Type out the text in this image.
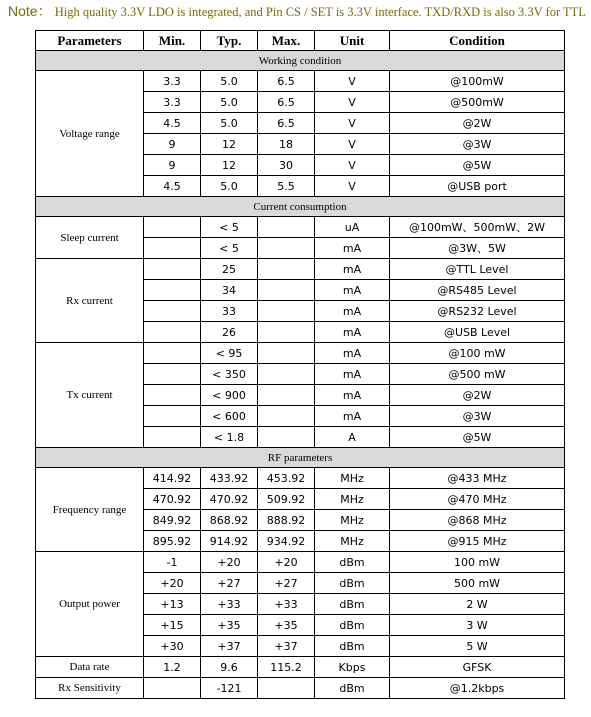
Note： High quality 3.3V LDO is integrated, and Pin CS / SET is 3.3V interface. TXD/RXD is also 3.3V for TTL
Parameters	Min.	Typ.	Max.	Unit	Condition
Working condition					
Voltage range	3.3	5.0	6.5	V	@100mW
	3.3	5.0	6.5	V	@500mW
	4.5	5.0	6.5	V	@2W
	9	12	18	V	@3W
	9	12	30	V	@5W
	4.5	5.0	5.5	V	@USB port
Current consumption					
Sleep current		< 5		uA	@100mW、500mW、2W
		< 5		mA	@3W、5W
Rx current		25		mA	@TTL Level
		34		mA	@RS485 Level
		33		mA	@RS232 Level
		26		mA	@USB Level
Tx current		< 95		mA	@100 mW
		< 350		mA	@500 mW
		< 900		mA	@2W
		< 600		mA	@3W
		< 1.8		A	@5W
RF parameters					
Frequency range	414.92	433.92	453.92	MHz	@433 MHz
	470.92	470.92	509.92	MHz	@470 MHz
	849.92	868.92	888.92	MHz	@868 MHz
	895.92	914.92	934.92	MHz	@915 MHz
Output power	-1	+20	+20	dBm	100 mW
	+20	+27	+27	dBm	500 mW
	+13	+33	+33	dBm	2 W
	+15	+35	+35	dBm	3 W
	+30	+37	+37	dBm	5 W
Data rate	1.2	9.6	115.2	Kbps	GFSK
Rx Sensitivity		-121		dBm	@1.2kbps
